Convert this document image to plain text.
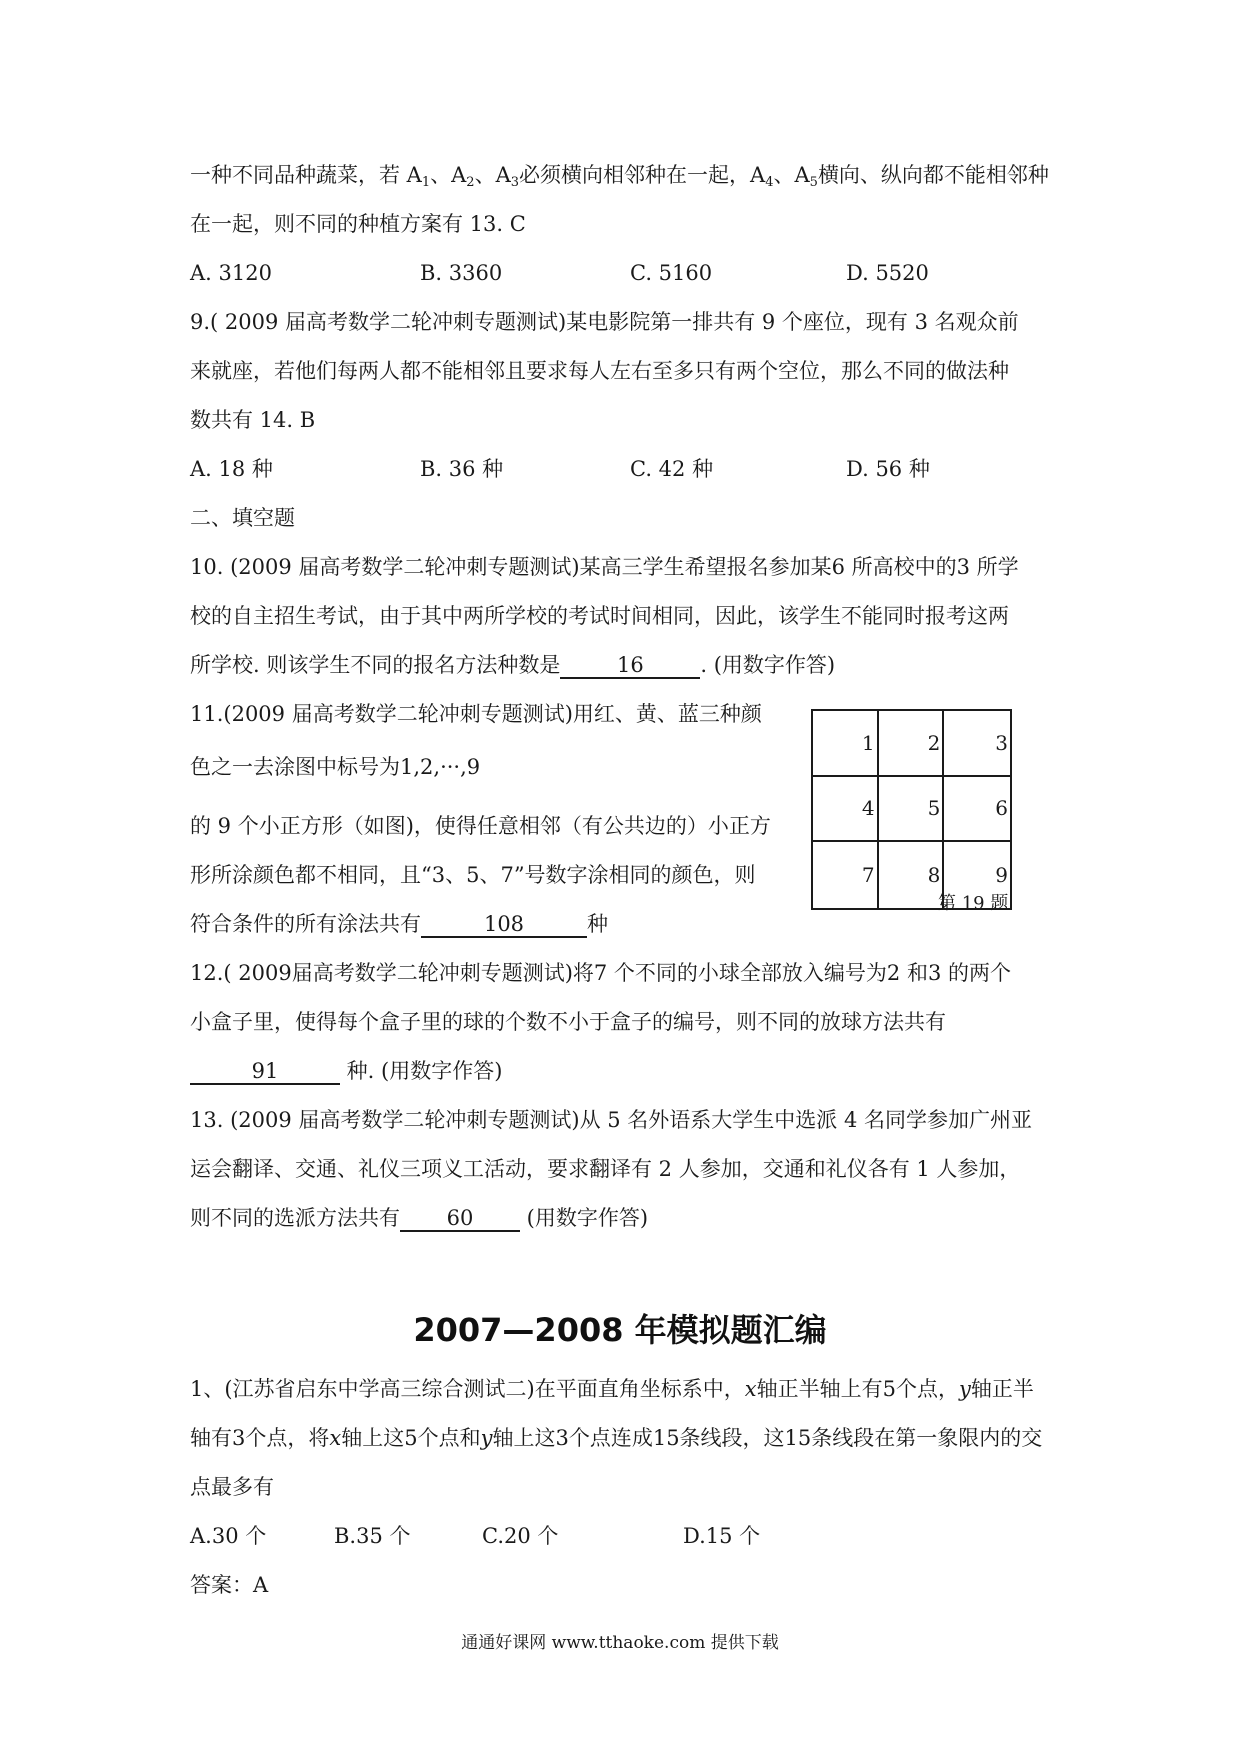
一种不同品种蔬菜，若 $A_1$、$A_2$、$A_3$必须横向相邻种在一起，$A_4$、$A_5$横向、纵向都不能相邻种
在一起，则不同的种植方案有 13. C
A. 3120	B. 3360	C. 5160	D. 5520
9.( 2009 届高考数学二轮冲刺专题测试)某电影院第一排共有 9 个座位，现有 3 名观众前
来就座，若他们每两人都不能相邻且要求每人左右至多只有两个空位，那么不同的做法种
数共有 14. B
A. 18 种	B. 36 种	C. 42 种	D. 56 种
二、填空题
10. (2009 届高考数学二轮冲刺专题测试)某高三学生希望报名参加某6 所高校中的3 所学
校的自主招生考试，由于其中两所学校的考试时间相同，因此，该学生不能同时报考这两
所学校. 则该学生不同的报名方法种数是	16	. (用数字作答)
11.(2009 届高考数学二轮冲刺专题测试)用红、黄、蓝三种颜
色之一去涂图中标号为1,2,···,9
的 9 个小正方形（如图)，使得任意相邻（有公共边的）小正方
形所涂颜色都不相同，且“3、5、7”号数字涂相同的颜色，则
符合条件的所有涂法共有	108	种
1	2	3
4	5	6
7	8	9
第 19 题
12.( 2009届高考数学二轮冲刺专题测试)将7 个不同的小球全部放入编号为2 和3 的两个
小盒子里，使得每个盒子里的球的个数不小于盒子的编号，则不同的放球方法共有
91	种. (用数字作答)
13. (2009 届高考数学二轮冲刺专题测试)从 5 名外语系大学生中选派 4 名同学参加广州亚
运会翻译、交通、礼仪三项义工活动，要求翻译有 2 人参加，交通和礼仪各有 1 人参加，
则不同的选派方法共有 60 (用数字作答)
2007—2008 年模拟题汇编
1、(江苏省启东中学高三综合测试二)在平面直角坐标系中，x轴正半轴上有5个点，y轴正半
轴有3个点，将x轴上这5个点和y轴上这3个点连成15条线段，这15条线段在第一象限内的交
点最多有
A.30 个	B.35 个	C.20 个	D.15 个
答案：A
通通好课网 www.tthaoke.com 提供下载
